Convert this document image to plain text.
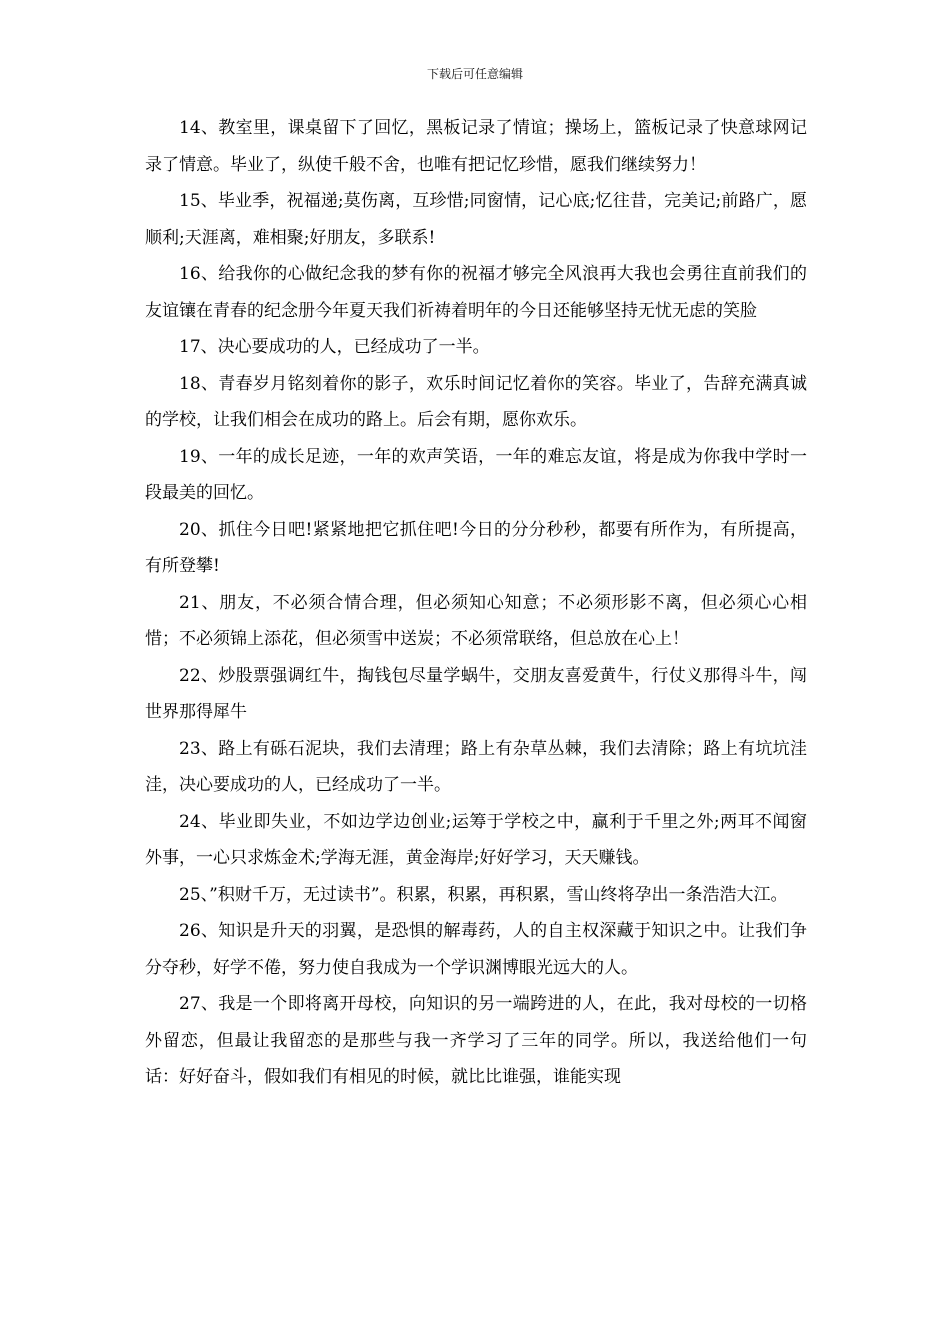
下载后可任意编辑

14、教室里，课桌留下了回忆，黑板记录了情谊；操场上，篮板记录了快意球网记录了情意。毕业了，纵使千般不舍，也唯有把记忆珍惜，愿我们继续努力！

15、毕业季，祝福递;莫伤离，互珍惜;同窗情，记心底;忆往昔，完美记;前路广，愿顺利;天涯离，难相聚;好朋友，多联系!

16、给我你的心做纪念我的梦有你的祝福才够完全风浪再大我也会勇往直前我们的友谊镶在青春的纪念册今年夏天我们祈祷着明年的今日还能够坚持无忧无虑的笑脸

17、决心要成功的人，已经成功了一半。

18、青春岁月铭刻着你的影子，欢乐时间记忆着你的笑容。毕业了，告辞充满真诚的学校，让我们相会在成功的路上。后会有期，愿你欢乐。

19、一年的成长足迹，一年的欢声笑语，一年的难忘友谊，将是成为你我中学时一段最美的回忆。

20、抓住今日吧!紧紧地把它抓住吧!今日的分分秒秒，都要有所作为，有所提高，有所登攀!

21、朋友，不必须合情合理，但必须知心知意；不必须形影不离，但必须心心相惜；不必须锦上添花，但必须雪中送炭；不必须常联络，但总放在心上！

22、炒股票强调红牛，掏钱包尽量学蜗牛，交朋友喜爱黄牛，行仗义那得斗牛，闯世界那得犀牛

23、路上有砾石泥块，我们去清理；路上有杂草丛棘，我们去清除；路上有坑坑洼洼，决心要成功的人，已经成功了一半。

24、毕业即失业，不如边学边创业;运筹于学校之中，赢利于千里之外;两耳不闻窗外事，一心只求炼金术;学海无涯，黄金海岸;好好学习，天天赚钱。

25、”积财千万，无过读书”。积累，积累，再积累，雪山终将孕出一条浩浩大江。

26、知识是升天的羽翼，是恐惧的解毒药，人的自主权深藏于知识之中。让我们争分夺秒，好学不倦，努力使自我成为一个学识渊博眼光远大的人。

27、我是一个即将离开母校，向知识的另一端跨进的人，在此，我对母校的一切格外留恋，但最让我留恋的是那些与我一齐学习了三年的同学。所以，我送给他们一句话：好好奋斗，假如我们有相见的时候，就比比谁强，谁能实现
